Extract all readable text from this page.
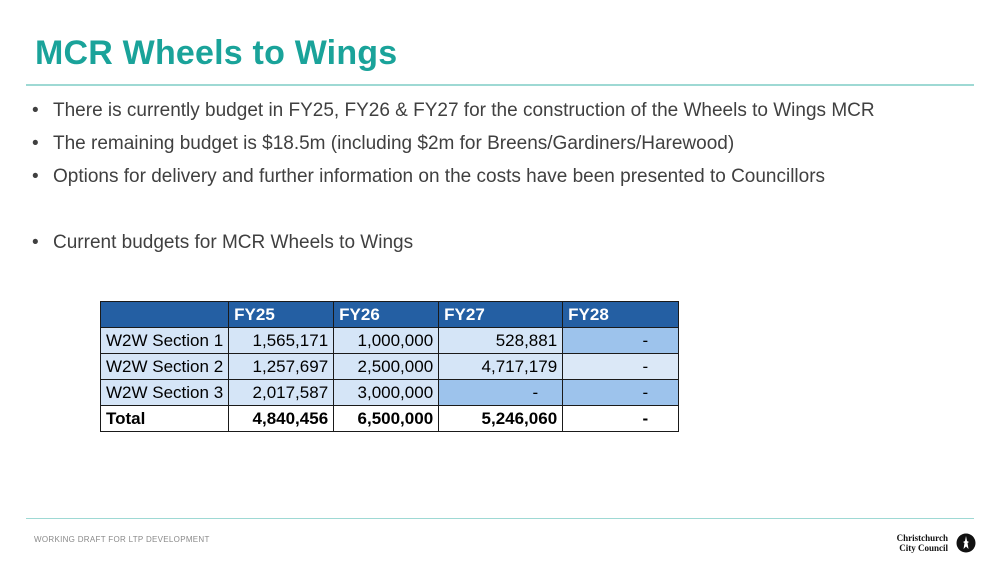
MCR Wheels to Wings
• There is currently budget in FY25, FY26 & FY27 for the construction of the Wheels to Wings MCR
• The remaining budget is $18.5m (including $2m for Breens/Gardiners/Harewood)
• Options for delivery and further information on the costs have been presented to Councillors
• Current budgets for MCR Wheels to Wings
	FY25	FY26	FY27	FY28
W2W Section 1	1,565,171	1,000,000	528,881	-
W2W Section 2	1,257,697	2,500,000	4,717,179	-
W2W Section 3	2,017,587	3,000,000	-	-
Total	4,840,456	6,500,000	5,246,060	-
WORKING DRAFT FOR LTP DEVELOPMENT	Christchurch
City Council
